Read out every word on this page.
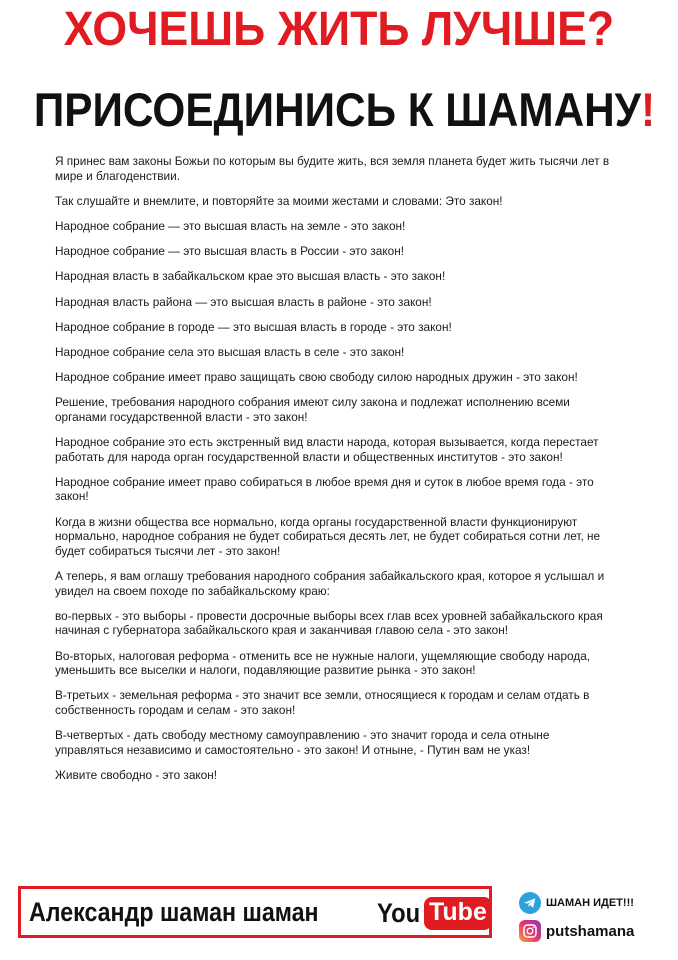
ХОЧЕШЬ ЖИТЬ ЛУЧШЕ?
ПРИСОЕДИНИСЬ К ШАМАНУ!

Я принес вам законы Божьи по которым вы будите жить, вся земля планета будет жить тысячи лет в мире и благоденствии.

Так слушайте и внемлите, и повторяйте за моими жестами и словами: Это закон!

Народное собрание — это высшая власть на земле - это закон!

Народное собрание — это высшая власть в России - это закон!

Народная власть в забайкальском крае это высшая власть - это закон!

Народная власть района — это высшая власть в районе - это закон!

Народное собрание в городе — это высшая власть в городе - это закон!

Народное собрание села это высшая власть в селе - это закон!

Народное собрание имеет право защищать свою свободу силою народных дружин - это закон!

Решение, требования народного собрания имеют силу закона и подлежат исполнению всеми органами государственной власти - это закон!

Народное собрание это есть экстренный вид власти народа, которая вызывается, когда перестает работать для народа орган государственной власти и общественных институтов - это закон!

Народное собрание имеет право собираться в любое время дня и суток в любое время года - это закон!

Когда в жизни общества все нормально, когда органы государственной власти функционируют нормально, народное собрания не будет собираться десять лет, не будет собираться сотни лет, не будет собираться тысячи лет - это закон!

А теперь, я вам оглашу требования народного собрания забайкальского края, которое я услышал и увидел на своем походе по забайкальскому краю:

во-первых - это выборы - провести досрочные выборы всех глав всех уровней забайкальского края начиная с губернатора забайкальского края и заканчивая главою села - это закон!

Во-вторых, налоговая реформа - отменить все не нужные налоги, ущемляющие свободу народа, уменьшить все выселки и налоги, подавляющие развитие рынка - это закон!

В-третьих - земельная реформа - это значит все земли, относящиеся к городам и селам отдать в собственность городам и селам - это закон!

В-четвертых - дать свободу местному самоуправлению - это значит города и села отныне управляться независимо и самостоятельно - это закон! И отныне, - Путин вам не указ!

Живите свободно - это закон!

Александр шаман шаман You Tube	ШАМАН ИДЕТ!!!
putshamana
